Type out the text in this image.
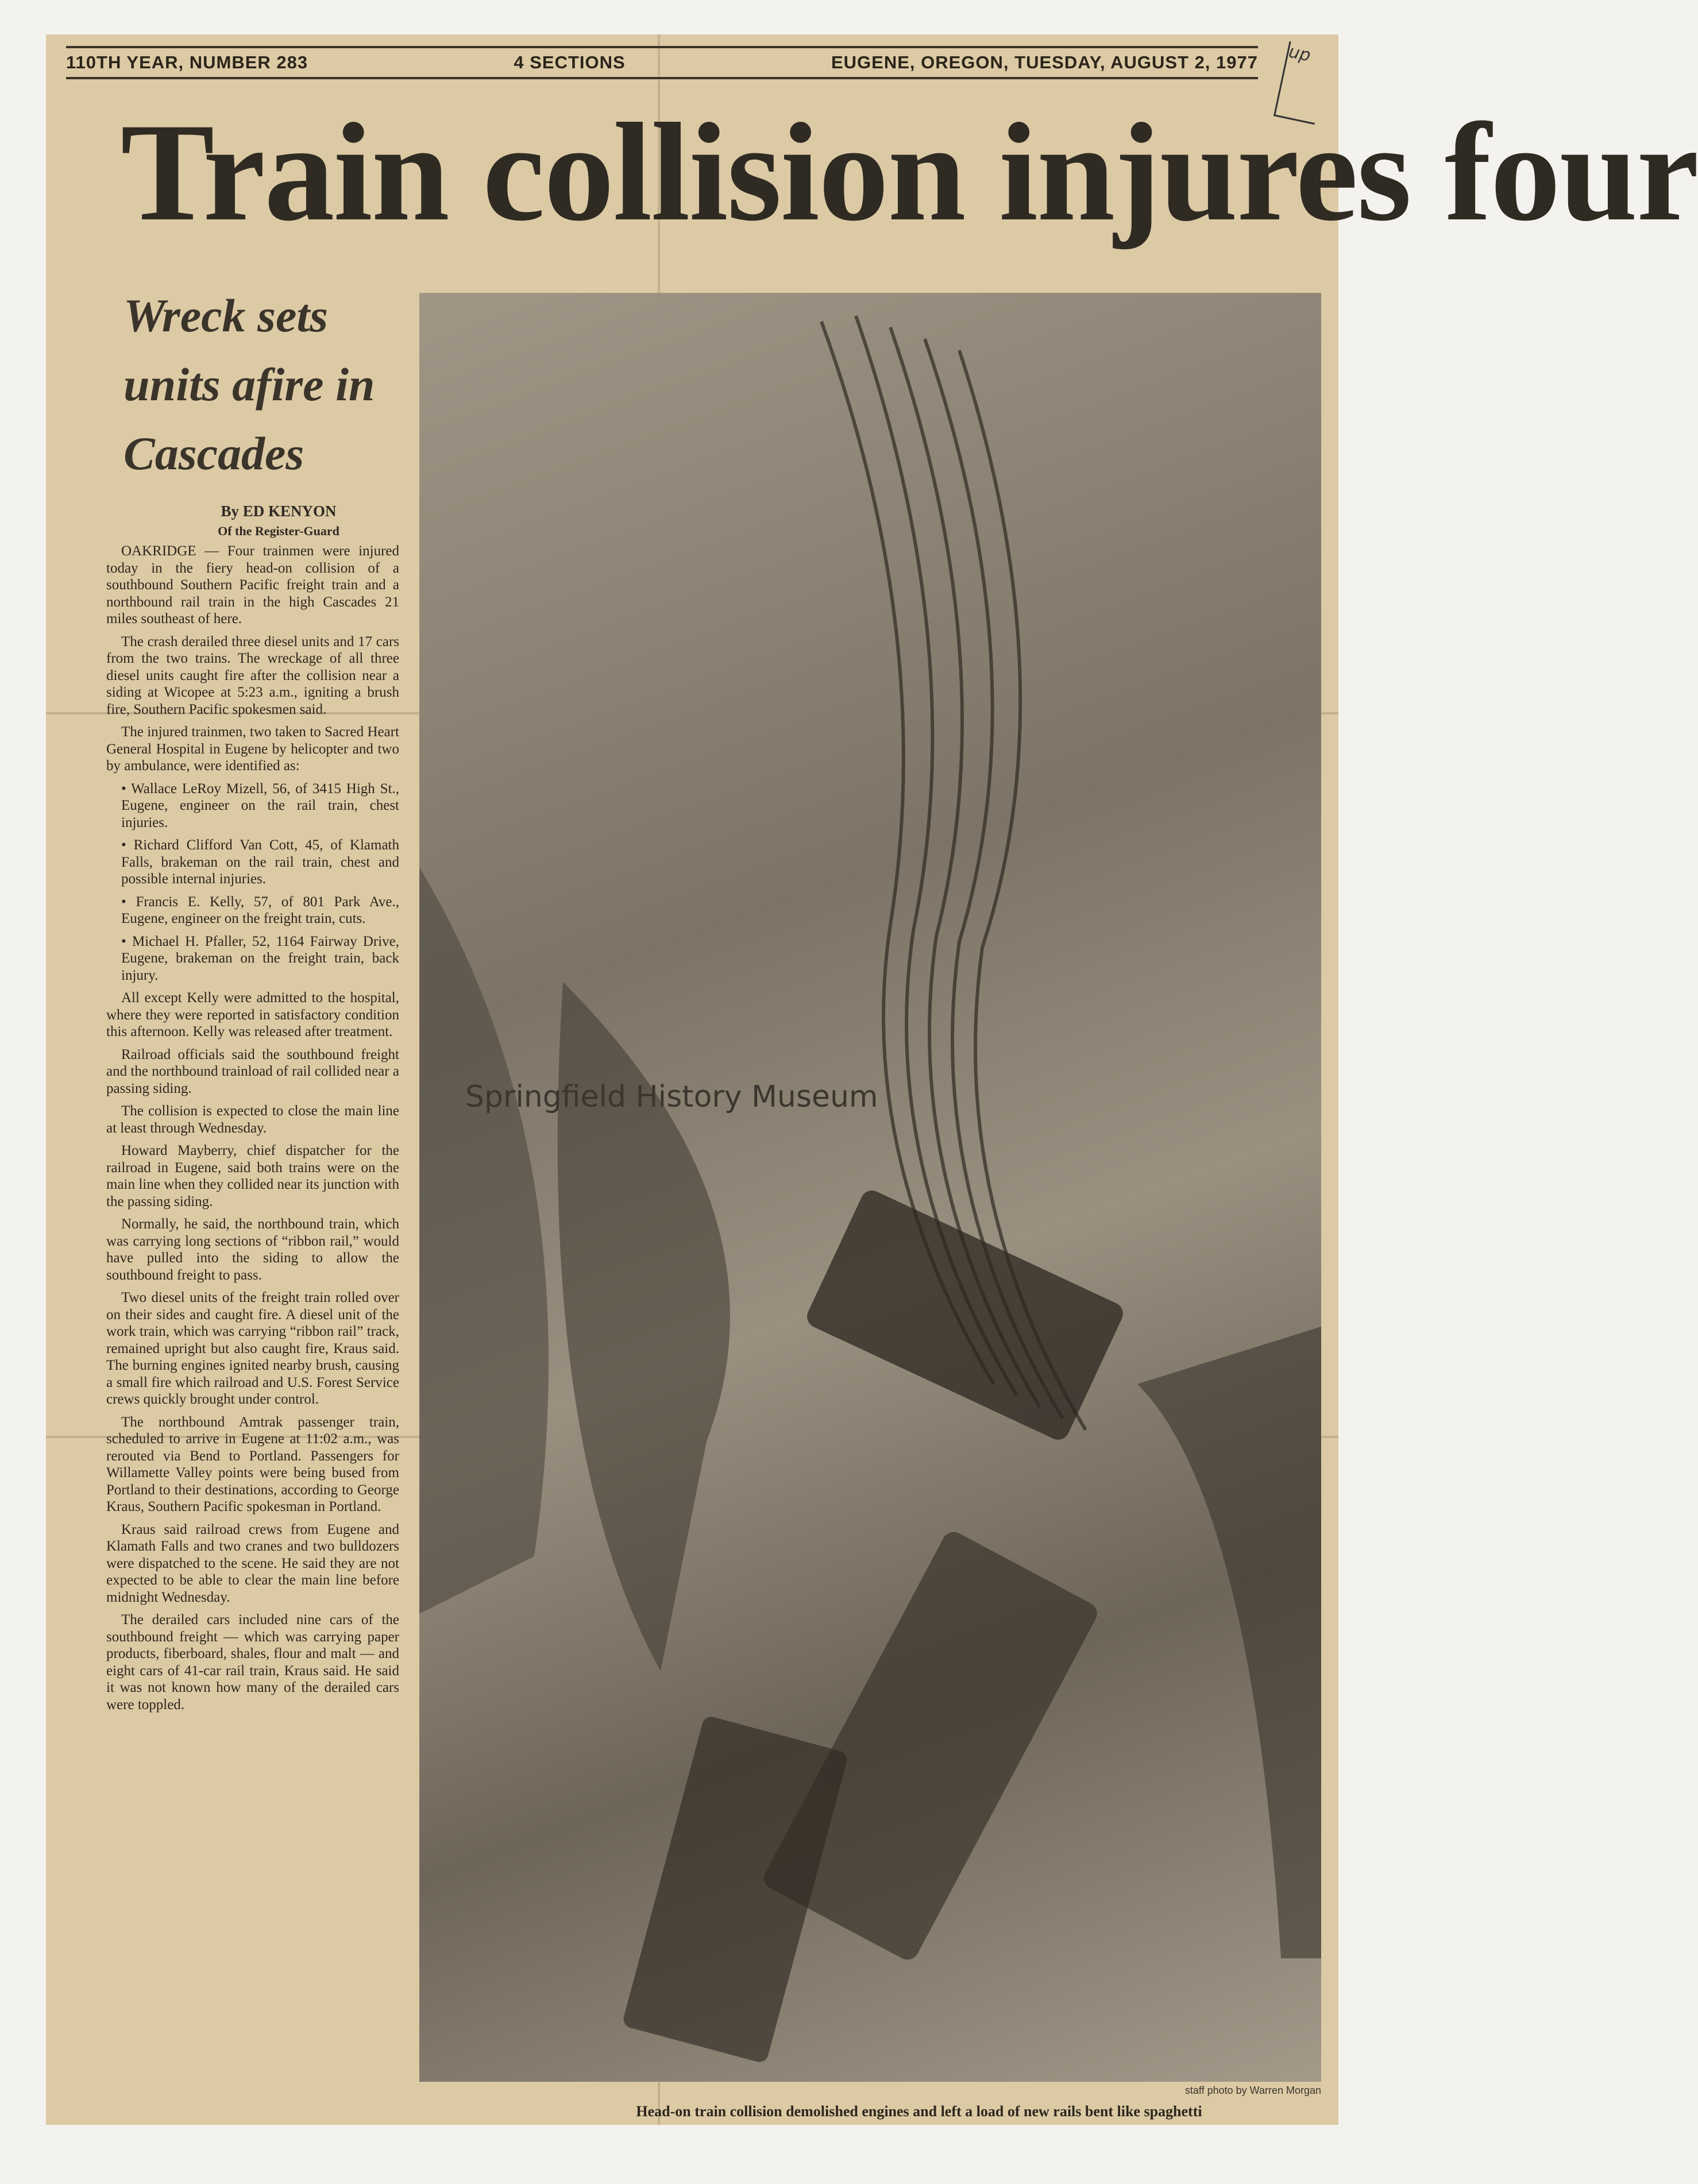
110TH YEAR, NUMBER 283	4 SECTIONS	EUGENE, OREGON, TUESDAY, AUGUST 2, 1977	up
Train collision injures four
Wreck sets units afire in Cascades
By ED KENYON
Of the Register-Guard

OAKRIDGE — Four trainmen were injured today in the fiery head-on collision of a southbound Southern Pacific freight train and a northbound rail train in the high Cascades 21 miles southeast of here.

The crash derailed three diesel units and 17 cars from the two trains. The wreckage of all three diesel units caught fire after the collision near a siding at Wicopee at 5:23 a.m., igniting a brush fire, Southern Pacific spokesmen said.

The injured trainmen, two taken to Sacred Heart General Hospital in Eugene by helicopter and two by ambulance, were identified as:

• Wallace LeRoy Mizell, 56, of 3415 High St., Eugene, engineer on the rail train, chest injuries.

• Richard Clifford Van Cott, 45, of Klamath Falls, brakeman on the rail train, chest and possible internal injuries.

• Francis E. Kelly, 57, of 801 Park Ave., Eugene, engineer on the freight train, cuts.

• Michael H. Pfaller, 52, 1164 Fairway Drive, Eugene, brakeman on the freight train, back injury.

All except Kelly were admitted to the hospital, where they were reported in satisfactory condition this afternoon. Kelly was released after treatment.

Railroad officials said the southbound freight and the northbound trainload of rail collided near a passing siding.

The collision is expected to close the main line at least through Wednesday.

Howard Mayberry, chief dispatcher for the railroad in Eugene, said both trains were on the main line when they collided near its junction with the passing siding.

Normally, he said, the northbound train, which was carrying long sections of “ribbon rail,” would have pulled into the siding to allow the southbound freight to pass.

Two diesel units of the freight train rolled over on their sides and caught fire. A diesel unit of the work train, which was carrying “ribbon rail” track, remained upright but also caught fire, Kraus said. The burning engines ignited nearby brush, causing a small fire which railroad and U.S. Forest Service crews quickly brought under control.

The northbound Amtrak passenger train, scheduled to arrive in Eugene at 11:02 a.m., was rerouted via Bend to Portland. Passengers for Willamette Valley points were being bused from Portland to their destinations, according to George Kraus, Southern Pacific spokesman in Portland.

Kraus said railroad crews from Eugene and Klamath Falls and two cranes and two bulldozers were dispatched to the scene. He said they are not expected to be able to clear the main line before midnight Wednesday.

The derailed cars included nine cars of the southbound freight — which was carrying paper products, fiberboard, shales, flour and malt — and eight cars of 41-car rail train, Kraus said. He said it was not known how many of the derailed cars were toppled.

Springfield History Museum
staff photo by Warren Morgan
Head-on train collision demolished engines and left a load of new rails bent like spaghetti
